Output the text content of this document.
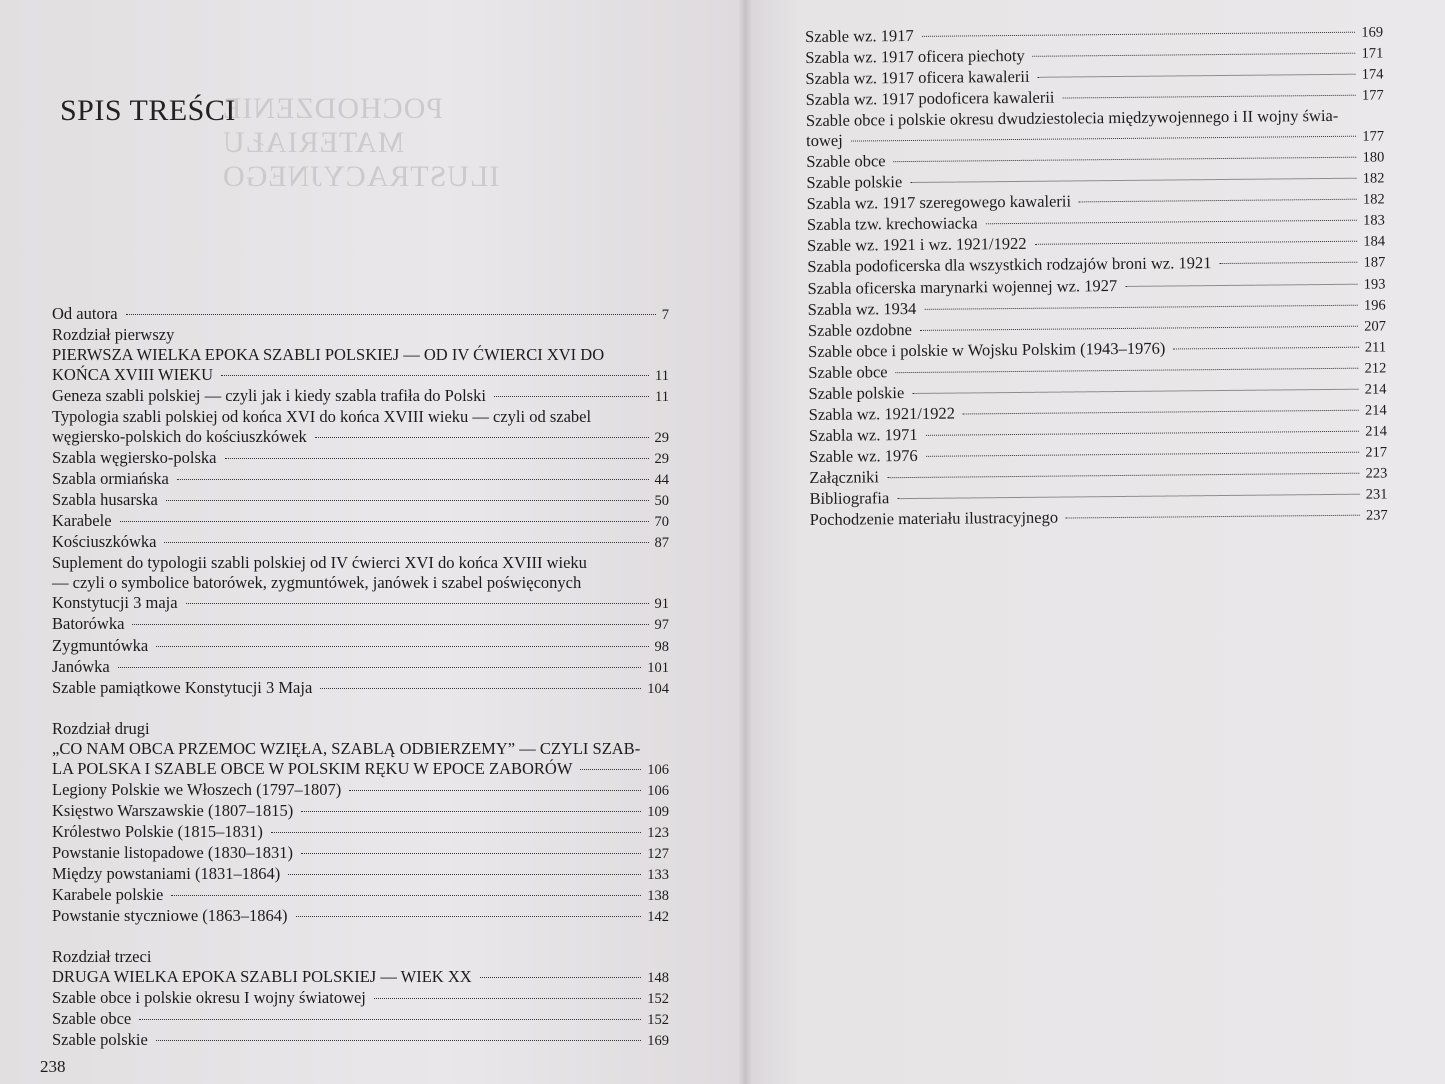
POCHODZENIE
MATERIAŁU ILUSTRACYJNEGO
SPIS TREŚCI
Od autora	7
Rozdział pierwszy
PIERWSZA WIELKA EPOKA SZABLI POLSKIEJ — OD IV ĆWIERCI XVI DO
KOŃCA XVIII WIEKU	11
Geneza szabli polskiej — czyli jak i kiedy szabla trafiła do Polski	11
Typologia szabli polskiej od końca XVI do końca XVIII wieku — czyli od szabel
węgiersko-polskich do kościuszkówek	29
Szabla węgiersko-polska	29
Szabla ormiańska	44
Szabla husarska	50
Karabele	70
Kościuszkówka	87
Suplement do typologii szabli polskiej od IV ćwierci XVI do końca XVIII wieku
— czyli o symbolice batorówek, zygmuntówek, janówek i szabel poświęconych
Konstytucji 3 maja	91
Batorówka	97
Zygmuntówka	98
Janówka	101
Szable pamiątkowe Konstytucji 3 Maja	104
Rozdział drugi
„CO NAM OBCA PRZEMOC WZIĘŁA, SZABLĄ ODBIERZEMY” — CZYLI SZAB-
LA POLSKA I SZABLE OBCE W POLSKIM RĘKU W EPOCE ZABORÓW	106
Legiony Polskie we Włoszech (1797–1807)	106
Księstwo Warszawskie (1807–1815)	109
Królestwo Polskie (1815–1831)	123
Powstanie listopadowe (1830–1831)	127
Między powstaniami (1831–1864)	133
Karabele polskie	138
Powstanie styczniowe (1863–1864)	142
Rozdział trzeci
DRUGA WIELKA EPOKA SZABLI POLSKIEJ — WIEK XX	148
Szable obce i polskie okresu I wojny światowej	152
Szable obce	152
Szable polskie	169
238
Szable wz. 1917	169
Szabla wz. 1917 oficera piechoty	171
Szabla wz. 1917 oficera kawalerii	174
Szabla wz. 1917 podoficera kawalerii	177
Szable obce i polskie okresu dwudziestolecia międzywojennego i II wojny świa-
towej	177
Szable obce	180
Szable polskie	182
Szabla wz. 1917 szeregowego kawalerii	182
Szabla tzw. krechowiacka	183
Szable wz. 1921 i wz. 1921/1922	184
Szabla podoficerska dla wszystkich rodzajów broni wz. 1921	187
Szabla oficerska marynarki wojennej wz. 1927	193
Szabla wz. 1934	196
Szable ozdobne	207
Szable obce i polskie w Wojsku Polskim (1943–1976)	211
Szable obce	212
Szable polskie	214
Szabla wz. 1921/1922	214
Szabla wz. 1971	214
Szable wz. 1976	217
Załączniki	223
Bibliografia	231
Pochodzenie materiału ilustracyjnego	237
